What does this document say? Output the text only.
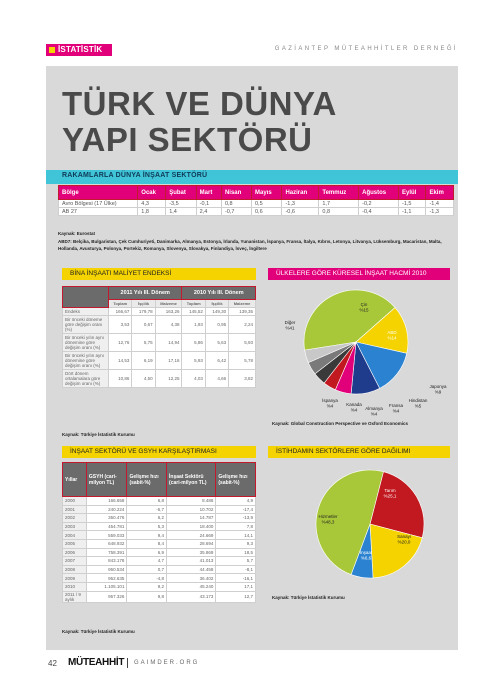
İSTATİSTİK	GAZİANTEP MÜTEAHHİTLER DERNEĞİ
TÜRK VE DÜNYA
YAPI SEKTÖRÜ
RAKAMLARLA DÜNYA İNŞAAT SEKTÖRÜ
Bölge	Ocak	Şubat	Mart	Nisan	Mayıs	Haziran	Temmuz	Ağustos	Eylül	Ekim
Avro Bölgesi (17 Ülke)	4,3	-3,5	-0,1	0,8	0,5	-1,3	1,7	-0,2	-1,5	-1,4
AB 27	1,8	1,4	2,4	-0,7	0,6	-0,6	0,8	-0,4	-1,1	-1,3
Kaynak: Eurostat
ABD7: Belçika, Bulgaristan, Çek Cumhuriyeti, Danimarka, Almanya, Estonya, İrlanda, Yunanistan, İspanya, Fransa, İtalya, Kıbrıs, Letonya, Litvanya, Lüksemburg, Macaristan, Malta, Hollanda, Avusturya, Polonya, Portekiz, Romanya, Slovenya, Slovakya, Finlandiya, İsveç, İngiltere
BİNA İNŞAATI MALİYET ENDEKSİ
	2011 Yılı III. Dönem			2010 Yılı III. Dönem		
	Toplam	İşçilik	Malzeme	Toplam	İşçilik	Malzeme
Endeks	166,67	179,78	163,26	145,52	149,30	139,35
Bir önceki döneme göre değişim oranı (%)	3,53	0,67	4,38	1,93	0,95	2,24
Bir önceki yılın aynı dönemine göre değişim oranı (%)	12,76	5,75	14,94	5,86	5,63	5,93
Bir önceki yılın aynı dönemine göre değişim oranı (%)	14,53	6,19	17,16	5,93	6,42	5,78
Dört dönem ortalamalara göre değişim oranı (%)	10,86	4,50	12,25	4,03	4,66	3,82
Kaynak: Türkiye İstatistik Kurumu
İNŞAAT SEKTÖRÜ VE GSYH KARŞILAŞTIRMASI
Yıllar	GSYH (cari-milyon TL)	Gelişme hızı (sabit-%)	İnşaat Sektörü (cari-milyon TL)	Gelişme hızı (sabit-%)
2000	166.658	6,8	8.486	4,9
2001	240.224	-5,7	10.702	-17,4
2002	350.476	6,2	14.787	-13,9
2003	454.781	5,3	18.400	7,8
2004	559.033	9,4	24.669	14,1
2005	648.932	8,4	28.694	9,3
2006	758.391	6,9	35.869	18,5
2007	843.178	4,7	41.013	5,7
2008	950.534	0,7	44.458	-8,1
2009	952.635	-4,8	36.402	-16,1
2010	1.105.101	9,2	45.240	17,1
2011 / 9 aylık	957.326	9,8	43.173	12,7
Kaynak: Türkiye İstatistik Kurumu
ÜLKELERE GÖRE KÜRESEL İNŞAAT HACMİ 2010
Diğer
%41
Çin
%15
ABD
%14
Japonya
%9
Hindistan
%5
Fransa
%4
Almanya
%4
Kanada
%4
İspanya
%4
Kaynak: Global Construction Perspective ve Oxford Economics
İSTİHDAMIN SEKTÖRLERE GÖRE DAĞILIMI
Tarım
%25,1
Sanayi
%20,0
İnşaat
%6,6
Hizmetler
%48,3
Kaynak: Türkiye İstatistik Kurumu
42 MÜTEAHHİT GAIMDER.ORG
